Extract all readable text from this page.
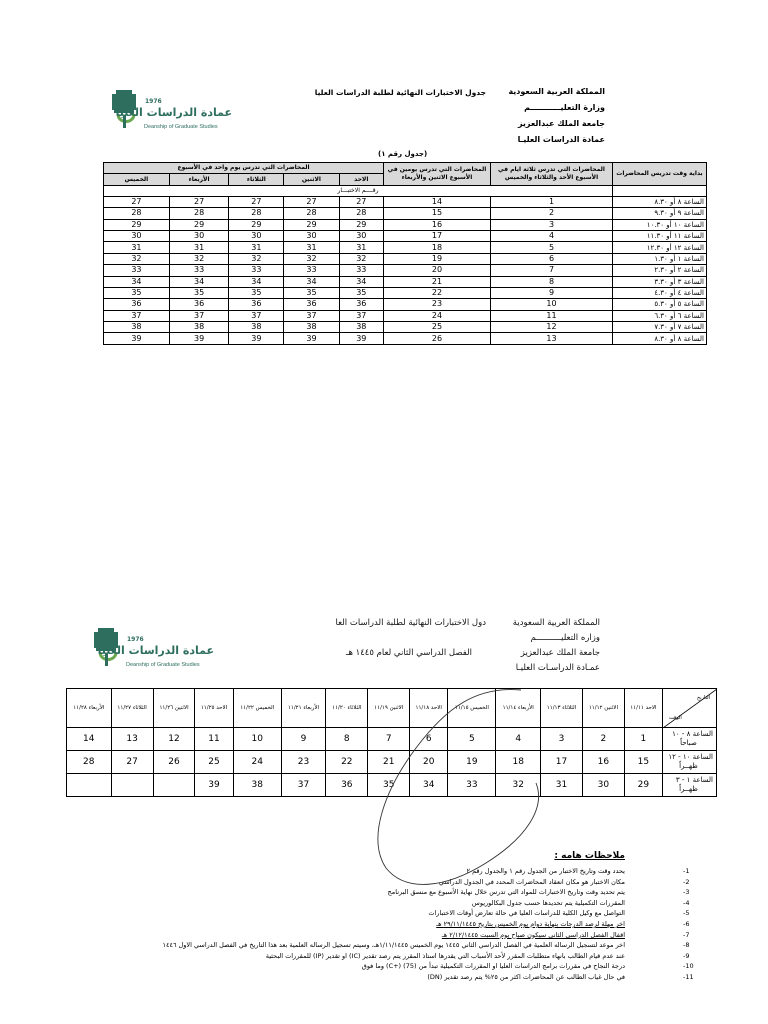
1976
عمادة الدراسات العليا
Deanship of Graduate Studies
المملكة العربية السعودية
وزارة التعليـــــــــــم
جامعة الملك عبدالعزيز
عمادة الدراسات العليـا
جدول الاختبارات النهائية لطلبة الدراسات العليا
(جدول رقم ١)
بداية وقت تدريس المحاضرات	المحاضرات التي تدرس ثلاثة ايام في الأسبوع الأحد والثلاثاء والخميس	المحاضرات التي تدرس يومين في الأسبوع الاثنين والأربعاء	المحاضرات التي تدرس يوم واحد في الأسبوع				
			الاحد	الاثنين	الثلاثاء	الأربعاء	الخميس
	رقــــم الاختبـــار						
الساعة ٨ أو ٨.٣٠	1	14	27	27	27	27	27
الساعة ٩ أو ٩.٣٠	2	15	28	28	28	28	28
الساعة ١٠ أو ١٠.٣٠	3	16	29	29	29	29	29
الساعة ١١ أو ١١.٣٠	4	17	30	30	30	30	30
الساعة ١٢ أو ١٢.٣٠	5	18	31	31	31	31	31
الساعة ١ أو ١.٣٠	6	19	32	32	32	32	32
الساعة ٢ أو ٢.٣٠	7	20	33	33	33	33	33
الساعة ٣ أو ٣.٣٠	8	21	34	34	34	34	34
الساعة ٤ أو ٤.٣٠	9	22	35	35	35	35	35
الساعة ٥ أو ٥.٣٠	10	23	36	36	36	36	36
الساعة ٦ أو ٦.٣٠	11	24	37	37	37	37	37
الساعة ٧ أو ٧.٣٠	12	25	38	38	38	38	38
الساعة ٨ أو ٨.٣٠	13	26	39	39	39	39	39
1976
عمادة الدراسات العليا
Deanship of Graduate Studies
المملكة العربية السعودية
وزاره التعليــــــــــم
جامعة الملك عبدالعزيز
عمـادة الدراسـات العليـا
دول الاختبارات النهائية لطلبة الدراسات العا
الفصل الدراسي الثاني لعام ١٤٤٥ هـ
التاريخ
الوقت	الاحد ١١/١١	الاثنين ١١/١٢	الثلاثاء ١١/١٣	الأربعاء ١١/١٤	الخميس ١١/١٥	الاحد ١١/١٨	الاثنين ١١/١٩	الثلاثاء ١١/٢٠	الأربعاء ١١/٢١	الخميس ١١/٢٢	الاحد ١١/٢٥	الاثنين ١١/٢٦	الثلاثاء ١١/٢٧	الأربعاء ١١/٢٨

الساعة ٨ - ١٠
صباحاً	1	2	3	4	5	6	7	8	9	10	11	12	13	14

الساعة ١٠ - ١٢
ظهــراً	15	16	17	18	19	20	21	22	23	24	25	26	27	28

الساعة ١ - ٣
ظهــراً	29	30	31	32	33	34	35	36	37	38	39			
ملاحظات هامه :
-1
يحدد وقت وتاريخ الاختبار من الجدول رقم ١ والجدول رقم ٢
-2
مكان الاختبار هو مكان انعقاد المحاضرات المحدد في الجدول الدراسي
-3
يتم تحديد وقت وتاريخ الاختبارات للمواد التي تدرس خلال نهاية الأسبوع مع منسق البرنامج
-4
المقررات التكميلية يتم تحديدها حسب جدول البكالوريوس
-5
التواصل مع وكيل الكلية للدراسات العليا في حالة تعارض أوقات الاختبارات
-6
اخر مهلة لرصد الدرجات بنهاية دوام يوم الخميس بتاريخ ٢٩/١١/١٤٤٥ هـ
-7
اقفال الفصل الدراسي الثاني سيكون صباح يوم السبت ٢/١٢/١٤٤٥ هـ
-8
اخر موعد لتسجيل الرساله العلمية في الفصل الدراسي الثاني ١٤٤٥ يوم الخميس ١/١١/١٤٤٥هـ، وسيتم تسجيل الرساله العلمية بعد هذا التاريخ في الفصل الدراسي الاول ١٤٤٦
-9
عند عدم قيام الطالب بانهاء متطلبات المقرر لأحد الأسباب التي يقدرها استاذ المقرر يتم رصد تقدير (IC) او تقدير (IP) للمقررات البحثية
-10
درجة النجاح في مقررات برامج الدراسات العليا او المقررات التكميلية تبدأ من (75) (+C) وما فوق
-11
في حال غياب الطالب عن المحاضرات اكثر من ٢٥% يتم رصد تقدير (DN)
